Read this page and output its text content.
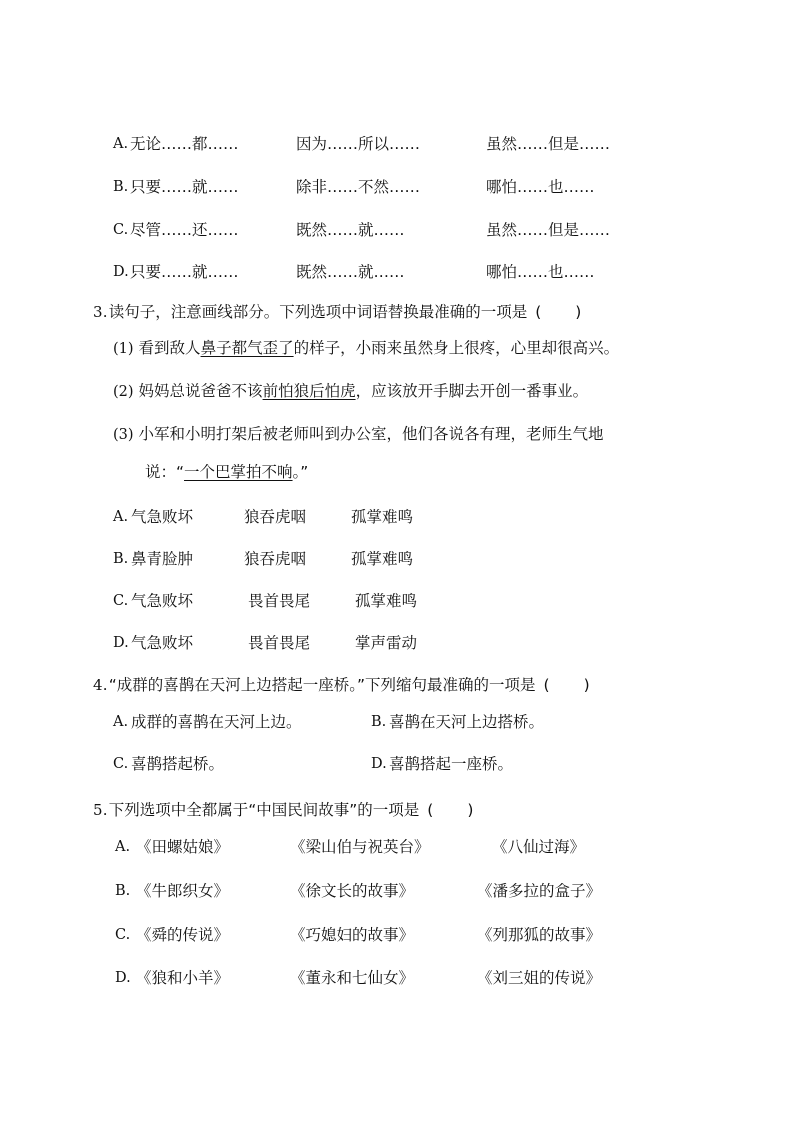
A. 无论……都……	因为……所以……	虽然……但是……
B. 只要……就……	除非……不然……	哪怕……也……
C. 尽管……还……	既然……就……	虽然……但是……
D. 只要……就……	既然……就……	哪怕……也……
3.读句子，注意画线部分。下列选项中词语替换最准确的一项是 ( )
(1) 看到敌人鼻子都气歪了的样子，小雨来虽然身上很疼，心里却很高兴。
(2) 妈妈总说爸爸不该前怕狼后怕虎，应该放开手脚去开创一番事业。
(3) 小军和小明打架后被老师叫到办公室，他们各说各有理，老师生气地
说：“一个巴掌拍不响。”
A. 气急败坏	狼吞虎咽	孤掌难鸣
B. 鼻青脸肿	狼吞虎咽	孤掌难鸣
C. 气急败坏	畏首畏尾	孤掌难鸣
D. 气急败坏	畏首畏尾	掌声雷动
4.“成群的喜鹊在天河上边搭起一座桥。”下列缩句最准确的一项是 ( )
A. 成群的喜鹊在天河上边。	B. 喜鹊在天河上边搭桥。
C. 喜鹊搭起桥。	D. 喜鹊搭起一座桥。
5.下列选项中全都属于“中国民间故事”的一项是 ( )
A. 《田螺姑娘》	《梁山伯与祝英台》	《八仙过海》
B. 《牛郎织女》	《徐文长的故事》	《潘多拉的盒子》
C. 《舜的传说》	《巧媳妇的故事》	《列那狐的故事》
D. 《狼和小羊》	《董永和七仙女》	《刘三姐的传说》
